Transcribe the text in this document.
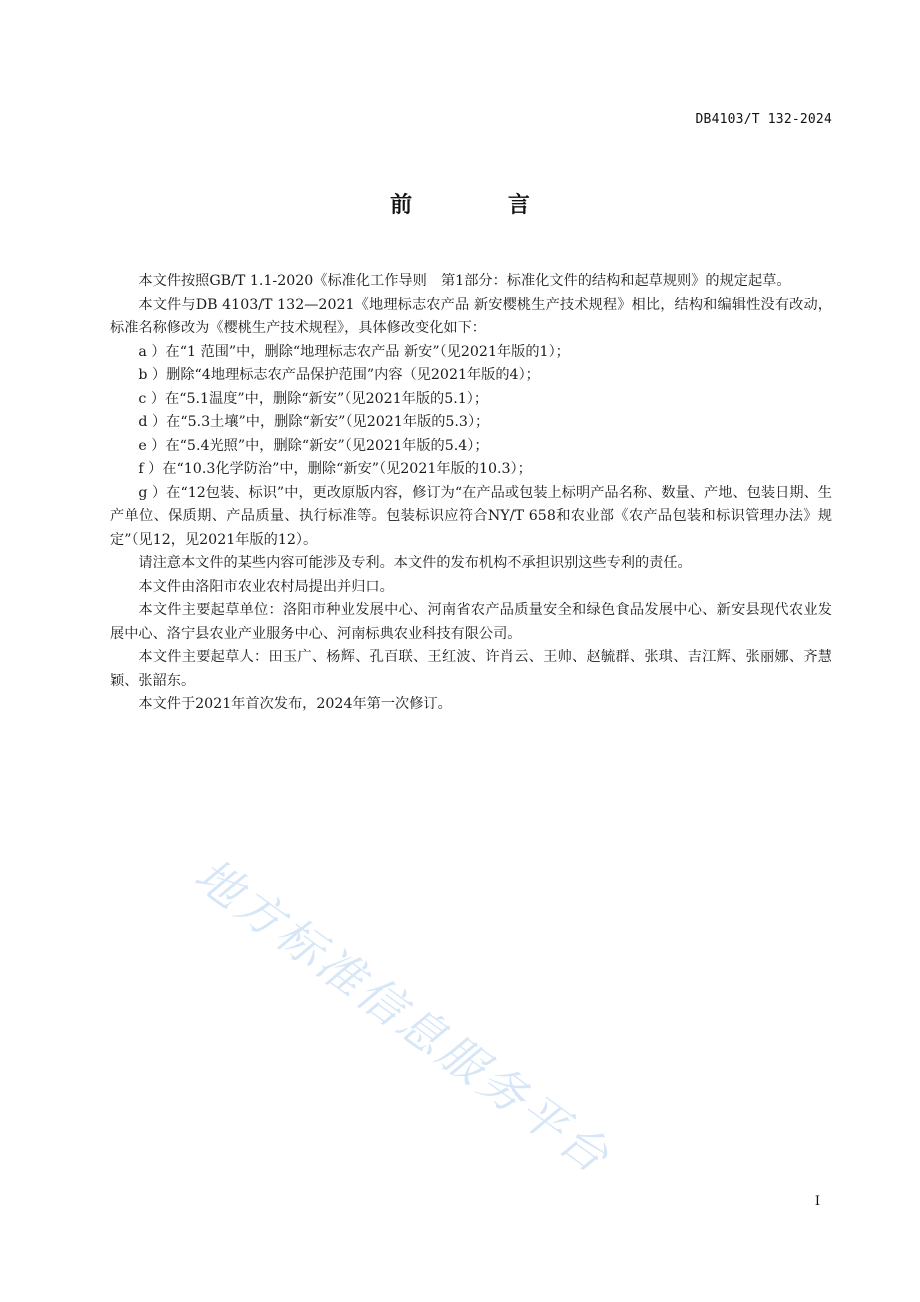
DB4103/T 132-2024
前 言

本文件按照GB/T 1.1-2020《标准化工作导则　第1部分：标准化文件的结构和起草规则》的规定起草。

本文件与DB 4103/T 132—2021《地理标志农产品 新安樱桃生产技术规程》相比，结构和编辑性没有改动，标准名称修改为《樱桃生产技术规程》，具体修改变化如下：

a ）在“1 范围”中，删除“地理标志农产品 新安”（见2021年版的1）；

b ）删除“4地理标志农产品保护范围”内容（见2021年版的4）；

c ）在“5.1温度”中，删除“新安”（见2021年版的5.1）；

d ）在“5.3土壤”中，删除“新安”（见2021年版的5.3）；

e ）在“5.4光照”中，删除“新安”（见2021年版的5.4）；

f ）在“10.3化学防治”中，删除“新安”（见2021年版的10.3）；

g ）在“12包装、标识”中，更改原版内容，修订为“在产品或包装上标明产品名称、数量、产地、包装日期、生产单位、保质期、产品质量、执行标准等。包装标识应符合NY/T 658和农业部《农产品包装和标识管理办法》规定”（见12，见2021年版的12）。

请注意本文件的某些内容可能涉及专利。本文件的发布机构不承担识别这些专利的责任。

本文件由洛阳市农业农村局提出并归口。

本文件主要起草单位：洛阳市种业发展中心、河南省农产品质量安全和绿色食品发展中心、新安县现代农业发展中心、洛宁县农业产业服务中心、河南标典农业科技有限公司。

本文件主要起草人：田玉广、杨辉、孔百联、王红波、许肖云、王帅、赵毓群、张琪、吉江辉、张丽娜、齐慧颖、张韶东。

本文件于2021年首次发布，2024年第一次修订。

地方标准信息服务平台
I
